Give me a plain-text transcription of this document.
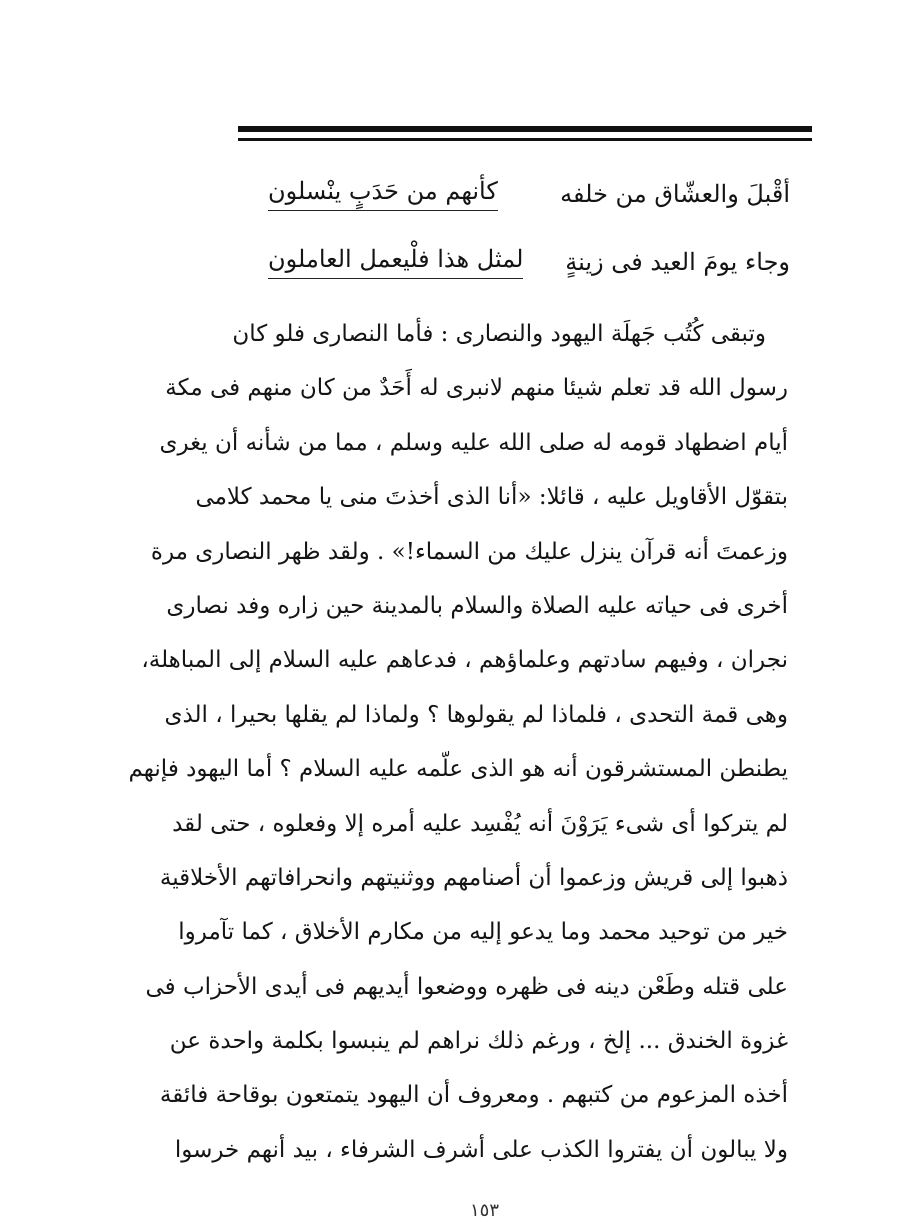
أقْبلَ والعشّاق من خلفه
كأنهم من حَدَبٍ ينْسلون
وجاء يومَ العيد فى زينةٍ
لمثل هذا فلْيعمل العاملون
وتبقى كُتُب جَهلَة اليهود والنصارى : فأما النصارى فلو كان
رسول الله قد تعلم شيئا منهم لانبرى له أَحَدٌ من كان منهم فى مكة
أيام اضطهاد قومه له صلى الله عليه وسلم ، مما من شأنه أن يغرى
بتقوّل الأقاويل عليه ، قائلا: «أنا الذى أخذتَ منى يا محمد كلامى
وزعمتَ أنه قرآن ينزل عليك من السماء!» . ولقد ظهر النصارى مرة
أخرى فى حياته عليه الصلاة والسلام بالمدينة حين زاره وفد نصارى
نجران ، وفيهم سادتهم وعلماؤهم ، فدعاهم عليه السلام إلى المباهلة،
وهى قمة التحدى ، فلماذا لم يقولوها ؟ ولماذا لم يقلها بحيرا ، الذى
يطنطن المستشرقون أنه هو الذى علّمه عليه السلام ؟ أما اليهود فإنهم
لم يتركوا أى شىء يَرَوْنَ أنه يُفْسِد عليه أمره إلا وفعلوه ، حتى لقد
ذهبوا إلى قريش وزعموا أن أصنامهم ووثنيتهم وانحرافاتهم الأخلاقية
خير من توحيد محمد وما يدعو إليه من مكارم الأخلاق ، كما تآمروا
على قتله وطَعْن دينه فى ظهره ووضعوا أيديهم فى أيدى الأحزاب فى
غزوة الخندق ... إلخ ، ورغم ذلك نراهم لم ينبسوا بكلمة واحدة عن
أخذه المزعوم من كتبهم . ومعروف أن اليهود يتمتعون بوقاحة فائقة
ولا يبالون أن يفتروا الكذب على أشرف الشرفاء ، بيد أنهم خرسوا
١٥٣
